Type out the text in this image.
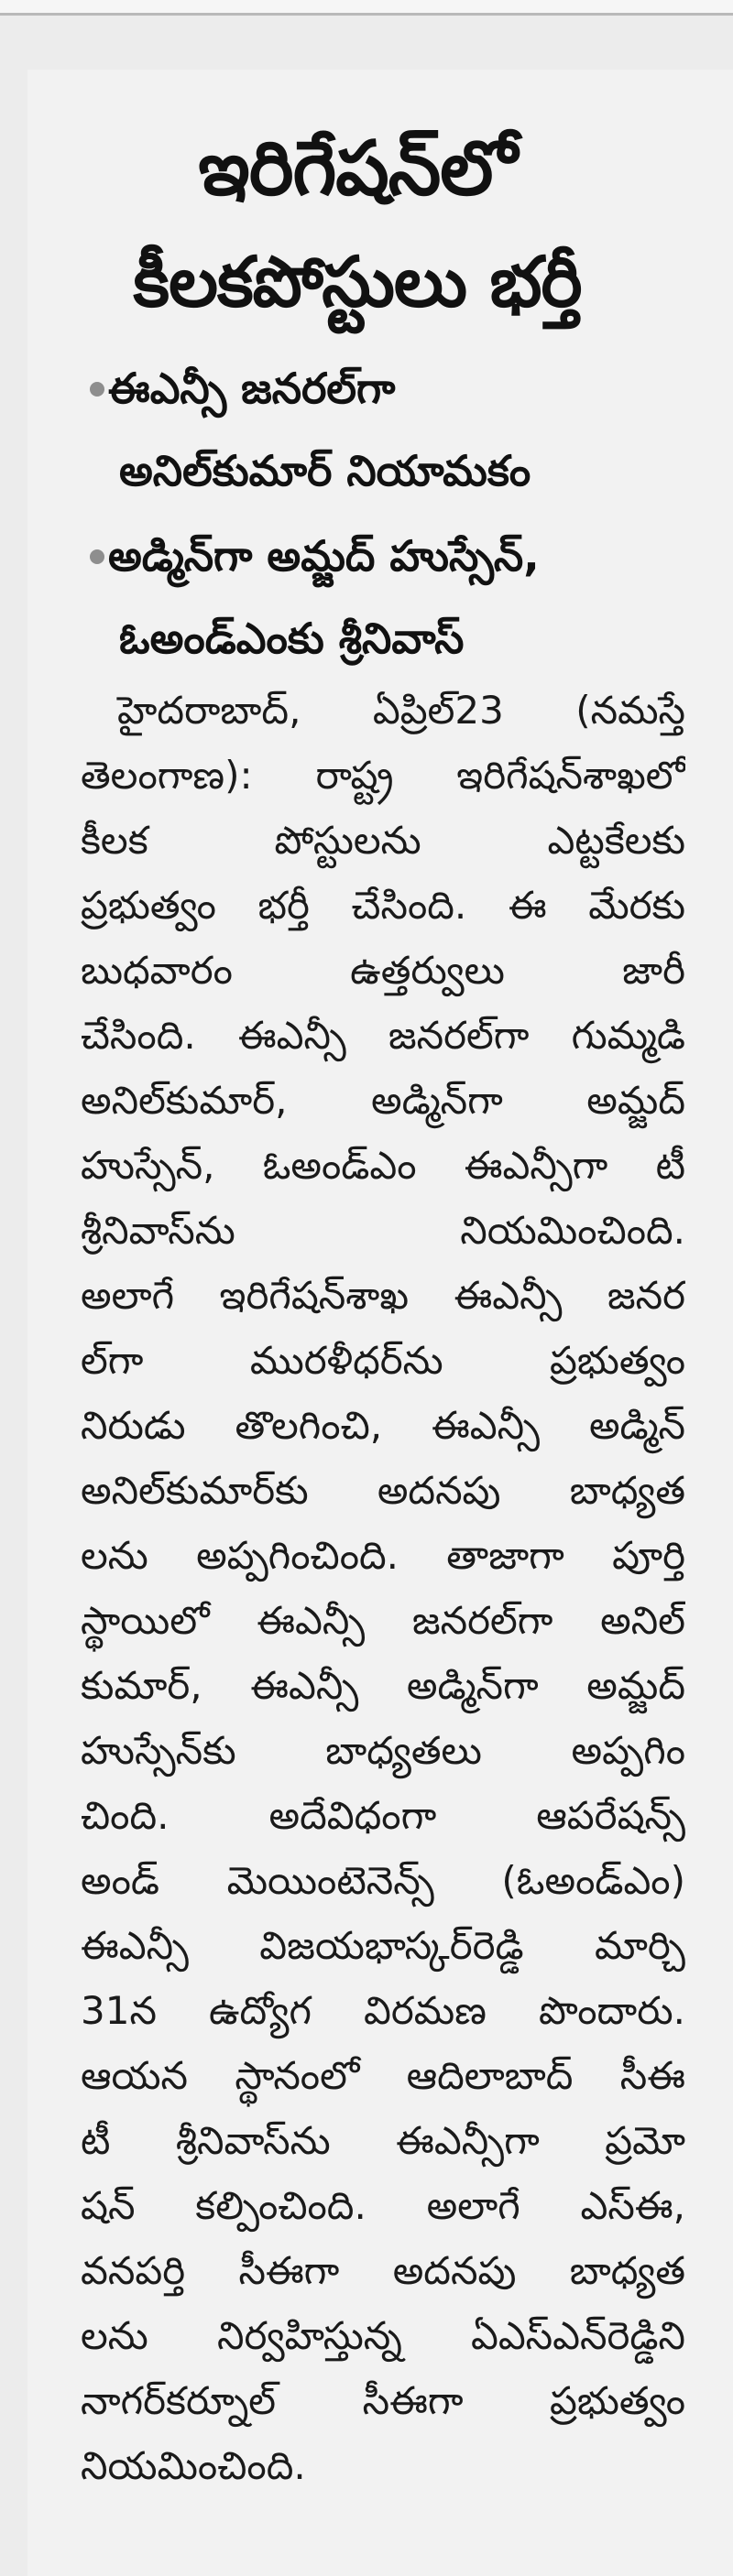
ఇరిగేషన్‌లో
కీలకపోస్టులు భర్తీ
ఈఎన్సీ జనరల్‌గా
అనిల్‌కుమార్ నియామకం
అడ్మిన్‌గా అమ్జద్ హుస్సేన్,
ఓఅండ్ఎంకు శ్రీనివాస్
హైదరాబాద్, ఏప్రిల్23 (నమస్తే
తెలంగాణ): రాష్ట్ర ఇరిగేషన్‌శాఖలో
కీలక పోస్టులను ఎట్టకేలకు
ప్రభుత్వం భర్తీ చేసింది. ఈ మేరకు
బుధవారం ఉత్తర్వులు జారీ
చేసింది. ఈఎన్సీ జనరల్‌గా గుమ్మడి
అనిల్‌కుమార్, అడ్మిన్‌గా అమ్జద్
హుస్సేన్, ఓఅండ్ఎం ఈఎన్సీగా టీ
శ్రీనివాస్‌ను నియమించింది.
అలాగే ఇరిగేషన్‌శాఖ ఈఎన్సీ జనర
ల్‌గా మురళీధర్‌ను ప్రభుత్వం
నిరుడు తొలగించి, ఈఎన్సీ అడ్మిన్
అనిల్‌కుమార్‌కు అదనపు బాధ్యత
లను అప్పగించింది. తాజాగా పూర్తి
స్థాయిలో ఈఎన్సీ జనరల్‌గా అనిల్
కుమార్, ఈఎన్సీ అడ్మిన్‌గా అమ్జద్
హుస్సేన్‌కు బాధ్యతలు అప్పగిం
చింది. అదేవిధంగా ఆపరేషన్స్
అండ్ మెయింటెనెన్స్ (ఓఅండ్ఎం)
ఈఎన్సీ విజయభాస్కర్‌రెడ్డి మార్చి
31న ఉద్యోగ విరమణ పొందారు.
ఆయన స్థానంలో ఆదిలాబాద్ సీఈ
టీ శ్రీనివాస్‌ను ఈఎన్సీగా ప్రమో
షన్ కల్పించింది. అలాగే ఎస్ఈ,
వనపర్తి సీఈగా అదనపు బాధ్యత
లను నిర్వహిస్తున్న ఏఎస్ఎన్‌రెడ్డిని
నాగర్‌కర్నూల్ సీఈగా ప్రభుత్వం
నియమించింది.
